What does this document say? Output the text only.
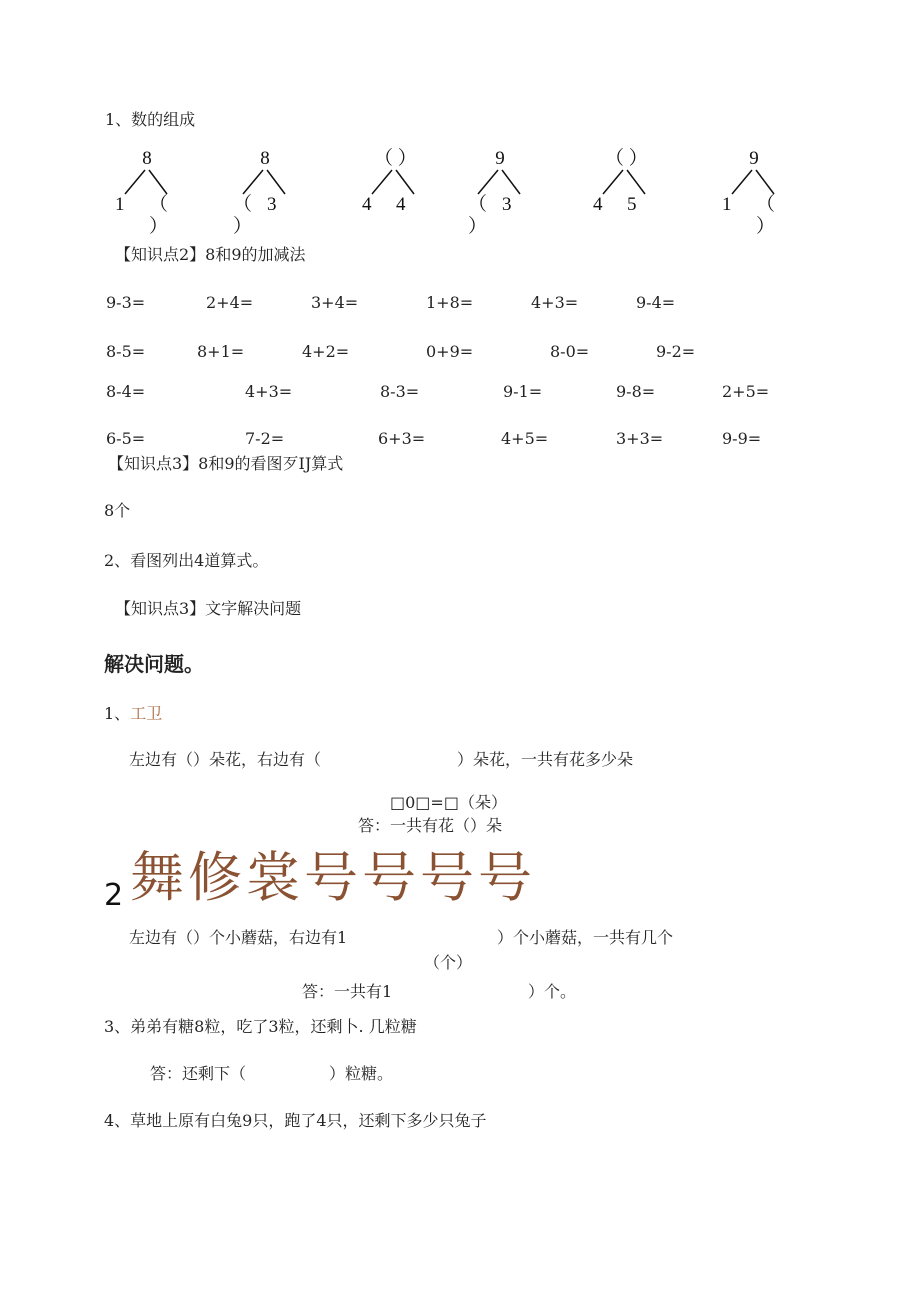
1、数的组成
8
1	（ ）
8
（ ）
3
（ ）
4	4
9
（ ）
3
（ ）
4	5
9
1	（ ）
【知识点2】8和9的加减法
9-3=	2+4=	3+4=	1+8=	4+3=	9-4=
8-5=	8+1=	4+2=	0+9=	8-0=	9-2=
8-4=	4+3=	8-3=	9-1=	9-8=	2+5=
6-5=	7-2=	6+3=	4+5=	3+3=	9-9=
【知识点3】8和9的看图歹IJ算式
8个
2、看图列出4道算式。
【知识点3】文字解决问题
解决问题。
1、工卫
左边有（）朵花，右边有（	）朵花，一共有花多少朵
□0□=□（朵）
答：一共有花（）朵
2 舞修裳号号号号
左边有（）个小蘑菇，右边有1	）个小蘑菇，一共有几个
（个）
答：一共有1	）个。
3、弟弟有糖8粒，吃了3粒，还剩卜. 几粒糖
答：还剩下（	）粒糖。
4、草地上原有白兔9只，跑了4只，还剩下多少只兔子
